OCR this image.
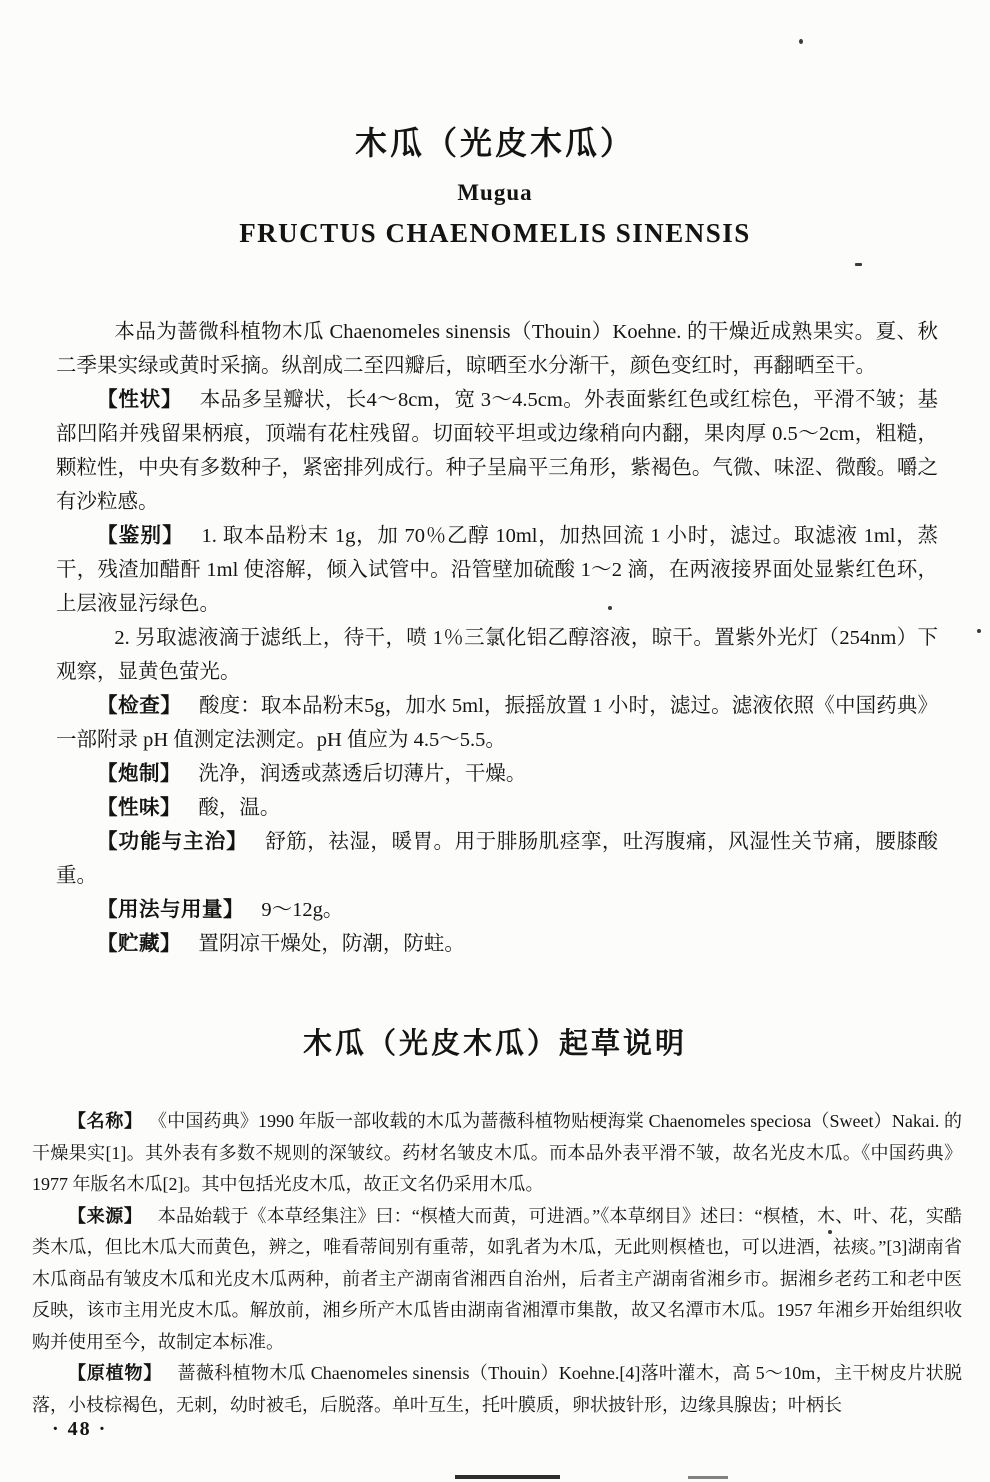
木瓜（光皮木瓜）
Mugua
FRUCTUS CHAENOMELIS SINENSIS
本品为蔷微科植物木瓜 Chaenomeles sinensis（Thouin）Koehne. 的干燥近成熟果实。夏、秋二季果实绿或黄时采摘。纵剖成二至四瓣后，晾晒至水分渐干，颜色变红时，再翻晒至干。
【性状】 本品多呈瓣状，长4～8cm，宽 3～4.5cm。外表面紫红色或红棕色，平滑不皱；基部凹陷并残留果柄痕，顶端有花柱残留。切面较平坦或边缘稍向内翻，果肉厚 0.5～2cm，粗糙，颗粒性，中央有多数种子，紧密排列成行。种子呈扁平三角形，紫褐色。气微、味涩、微酸。嚼之有沙粒感。
【鉴别】 1. 取本品粉末 1g，加 70％乙醇 10ml，加热回流 1 小时，滤过。取滤液 1ml，蒸干，残渣加醋酐 1ml 使溶解，倾入试管中。沿管壁加硫酸 1～2 滴，在两液接界面处显紫红色环，上层液显污绿色。
2. 另取滤液滴于滤纸上，待干，喷 1％三氯化铝乙醇溶液，晾干。置紫外光灯（254nm）下观察，显黄色萤光。
【检查】 酸度：取本品粉末5g，加水 5ml，振摇放置 1 小时，滤过。滤液依照《中国药典》一部附录 pH 值测定法测定。pH 值应为 4.5～5.5。
【炮制】 洗净，润透或蒸透后切薄片，干燥。
【性味】 酸，温。
【功能与主治】 舒筋，祛湿，暖胃。用于腓肠肌痉挛，吐泻腹痛，风湿性关节痛，腰膝酸重。
【用法与用量】 9～12g。
【贮藏】 置阴凉干燥处，防潮，防蛀。
木瓜（光皮木瓜）起草说明
【名称】 《中国药典》1990 年版一部收载的木瓜为蔷薇科植物贴梗海棠 Chaenomeles speciosa（Sweet）Nakai. 的干燥果实[1]。其外表有多数不规则的深皱纹。药材名皱皮木瓜。而本品外表平滑不皱，故名光皮木瓜。《中国药典》1977 年版名木瓜[2]。其中包括光皮木瓜，故正文名仍采用木瓜。
【来源】 本品始载于《本草经集注》曰：“榠楂大而黄，可进酒。”《本草纲目》述曰：“榠楂，木、叶、花，实酷类木瓜，但比木瓜大而黄色，辨之，唯看蒂间别有重蒂，如乳者为木瓜，无此则榠楂也，可以进酒，祛痰。”[3]湖南省木瓜商品有皱皮木瓜和光皮木瓜两种，前者主产湖南省湘西自治州，后者主产湖南省湘乡市。据湘乡老药工和老中医反映，该市主用光皮木瓜。解放前，湘乡所产木瓜皆由湖南省湘潭市集散，故又名潭市木瓜。1957 年湘乡开始组织收购并使用至今，故制定本标准。
【原植物】 蔷薇科植物木瓜 Chaenomeles sinensis（Thouin）Koehne.[4]落叶灌木，高 5～10m，主干树皮片状脱落，小枝棕褐色，无刺，幼时被毛，后脱落。单叶互生，托叶膜质，卵状披针形，边缘具腺齿；叶柄长
· 48 ·
